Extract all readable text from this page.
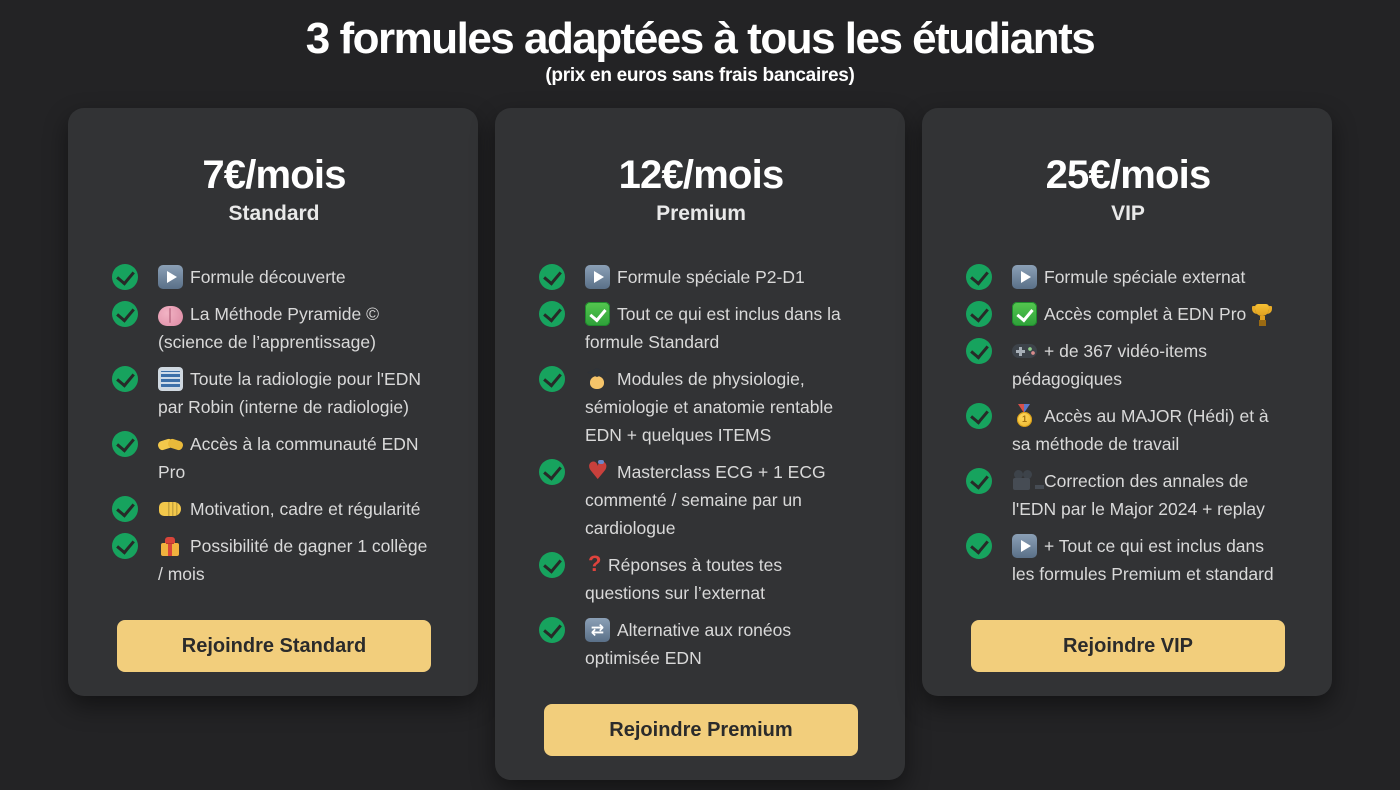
3 formules adaptées à tous les étudiants
(prix en euros sans frais bancaires)
7€/mois
Standard
Formule découverte
La Méthode Pyramide © (science de l’apprentissage)
Toute la radiologie pour l'EDN par Robin (interne de radiologie)
Accès à la communauté EDN Pro
Motivation, cadre et régularité
Possibilité de gagner 1 collège / mois
Rejoindre Standard
12€/mois
Premium
Formule spéciale P2-D1
Tout ce qui est inclus dans la formule Standard
Modules de physiologie, sémiologie et anatomie rentable EDN + quelques ITEMS
♥Masterclass ECG + 1 ECG commenté / semaine par un cardiologue
?Réponses à toutes tes questions sur l’externat
⇄Alternative aux ronéos optimisée EDN
Rejoindre Premium
25€/mois
VIP
Formule spéciale externat
Accès complet à EDN Pro
+ de 367 vidéo-items pédagogiques
1Accès au MAJOR (Hédi) et à sa méthode de travail
Correction des annales de l'EDN par le Major 2024 + replay
+ Tout ce qui est inclus dans les formules Premium et standard
Rejoindre VIP
